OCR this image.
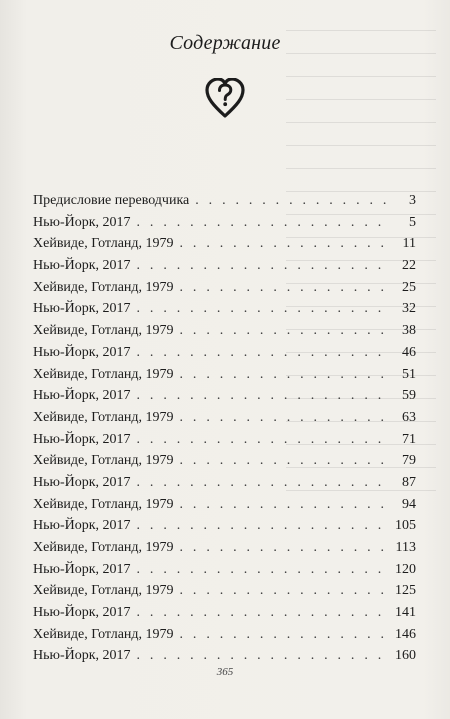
Содержание
Предисловие переводчика . . .	3
Нью-Йорк, 2017 . . .	5
Хейвиде, Готланд, 1979 . . .	11
Нью-Йорк, 2017 . . .	22
Хейвиде, Готланд, 1979 . . .	25
Нью-Йорк, 2017 . . .	32
Хейвиде, Готланд, 1979 . . .	38
Нью-Йорк, 2017 . . .	46
Хейвиде, Готланд, 1979 . . .	51
Нью-Йорк, 2017 . . .	59
Хейвиде, Готланд, 1979 . . .	63
Нью-Йорк, 2017 . . .	71
Хейвиде, Готланд, 1979 . . .	79
Нью-Йорк, 2017 . . .	87
Хейвиде, Готланд, 1979 . . .	94
Нью-Йорк, 2017 . . .	105
Хейвиде, Готланд, 1979 . . .	113
Нью-Йорк, 2017 . . .	120
Хейвиде, Готланд, 1979 . . .	125
Нью-Йорк, 2017 . . .	141
Хейвиде, Готланд, 1979 . . .	146
Нью-Йорк, 2017 . . .	160
365
